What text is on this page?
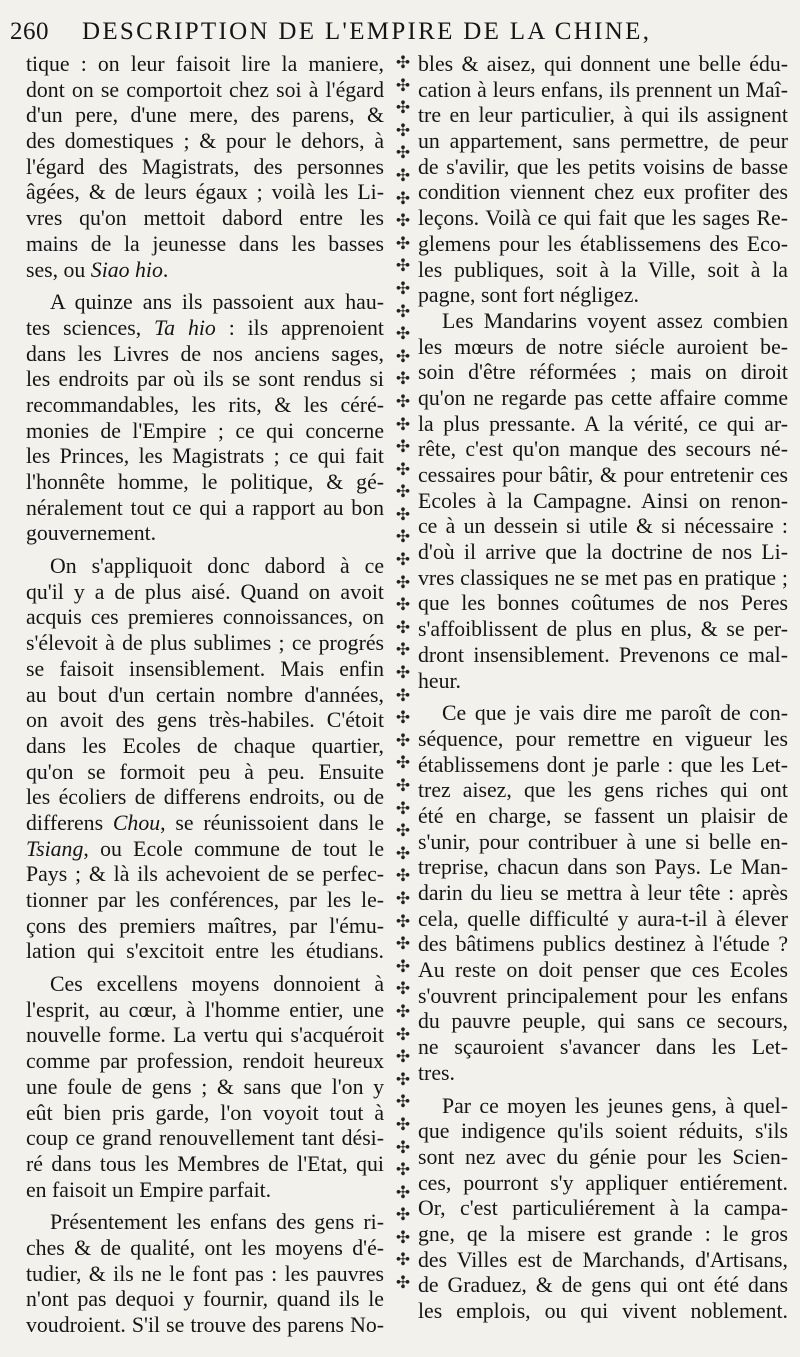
260	DESCRIPTION DE L'EMPIRE DE LA CHINE,
tique : on leur faisoit lire la maniere,
dont on se comportoit chez soi à l'égard
d'un pere, d'une mere, des parens, &
des domestiques ; & pour le dehors, à
l'égard des Magistrats, des personnes
âgées, & de leurs égaux ; voilà les Li-
vres qu'on mettoit dabord entre les
mains de la jeunesse dans les basses
ses, ou Siao hio.
A quinze ans ils passoient aux hau-
tes sciences, Ta hio : ils apprenoient
dans les Livres de nos anciens sages,
les endroits par où ils se sont rendus si
recommandables, les rits, & les céré-
monies de l'Empire ; ce qui concerne
les Princes, les Magistrats ; ce qui fait
l'honnête homme, le politique, & gé-
néralement tout ce qui a rapport au bon
gouvernement.
On s'appliquoit donc dabord à ce
qu'il y a de plus aisé. Quand on avoit
acquis ces premieres connoissances, on
s'élevoit à de plus sublimes ; ce progrés
se faisoit insensiblement. Mais enfin
au bout d'un certain nombre d'années,
on avoit des gens très-habiles. C'étoit
dans les Ecoles de chaque quartier,
qu'on se formoit peu à peu. Ensuite
les écoliers de differens endroits, ou de
differens Chou, se réunissoient dans le
Tsiang, ou Ecole commune de tout le
Pays ; & là ils achevoient de se perfec-
tionner par les conférences, par les le-
çons des premiers maîtres, par l'ému-
lation qui s'excitoit entre les étudians.
Ces excellens moyens donnoient à
l'esprit, au cœur, à l'homme entier, une
nouvelle forme. La vertu qui s'acquéroit
comme par profession, rendoit heureux
une foule de gens ; & sans que l'on y
eût bien pris garde, l'on voyoit tout à
coup ce grand renouvellement tant dési-
ré dans tous les Membres de l'Etat, qui
en faisoit un Empire parfait.
Présentement les enfans des gens ri-
ches & de qualité, ont les moyens d'é-
tudier, & ils ne le font pas : les pauvres
n'ont pas dequoi y fournir, quand ils le
voudroient. S'il se trouve des parens No-
✣
✣
✣
✣
✣
✣
✣
✣
✣
✣
✣
✣
✣
✣
✣
✣
✣
✣
✣
✣
✣
✣
✣
✣
✣
✣
✣
✣
✣
✣
✣
✣
✣
✣
✣
✣
✣
✣
✣
✣
✣
✣
✣
✣
✣
✣
✣
✣
✣
✣
✣
✣
✣
✣
✣
bles & aisez, qui donnent une belle édu-
cation à leurs enfans, ils prennent un Maî-
tre en leur particulier, à qui ils assignent
un appartement, sans permettre, de peur
de s'avilir, que les petits voisins de basse
condition viennent chez eux profiter des
leçons. Voilà ce qui fait que les sages Re-
glemens pour les établissemens des Eco-
les publiques, soit à la Ville, soit à la
pagne, sont fort négligez.
Les Mandarins voyent assez combien
les mœurs de notre siécle auroient be-
soin d'être réformées ; mais on diroit
qu'on ne regarde pas cette affaire comme
la plus pressante. A la vérité, ce qui ar-
rête, c'est qu'on manque des secours né-
cessaires pour bâtir, & pour entretenir ces
Ecoles à la Campagne. Ainsi on renon-
ce à un dessein si utile & si nécessaire :
d'où il arrive que la doctrine de nos Li-
vres classiques ne se met pas en pratique ;
que les bonnes coûtumes de nos Peres
s'affoiblissent de plus en plus, & se per-
dront insensiblement. Prevenons ce mal-
heur.
Ce que je vais dire me paroît de con-
séquence, pour remettre en vigueur les
établissemens dont je parle : que les Let-
trez aisez, que les gens riches qui ont
été en charge, se fassent un plaisir de
s'unir, pour contribuer à une si belle en-
treprise, chacun dans son Pays. Le Man-
darin du lieu se mettra à leur tête : après
cela, quelle difficulté y aura-t-il à élever
des bâtimens publics destinez à l'étude ?
Au reste on doit penser que ces Ecoles
s'ouvrent principalement pour les enfans
du pauvre peuple, qui sans ce secours,
ne sçauroient s'avancer dans les Let-
tres.
Par ce moyen les jeunes gens, à quel-
que indigence qu'ils soient réduits, s'ils
sont nez avec du génie pour les Scien-
ces, pourront s'y appliquer entiérement.
Or, c'est particuliérement à la campa-
gne, qe la misere est grande : le gros
des Villes est de Marchands, d'Artisans,
de Graduez, & de gens qui ont été dans
les emplois, ou qui vivent noblement.
